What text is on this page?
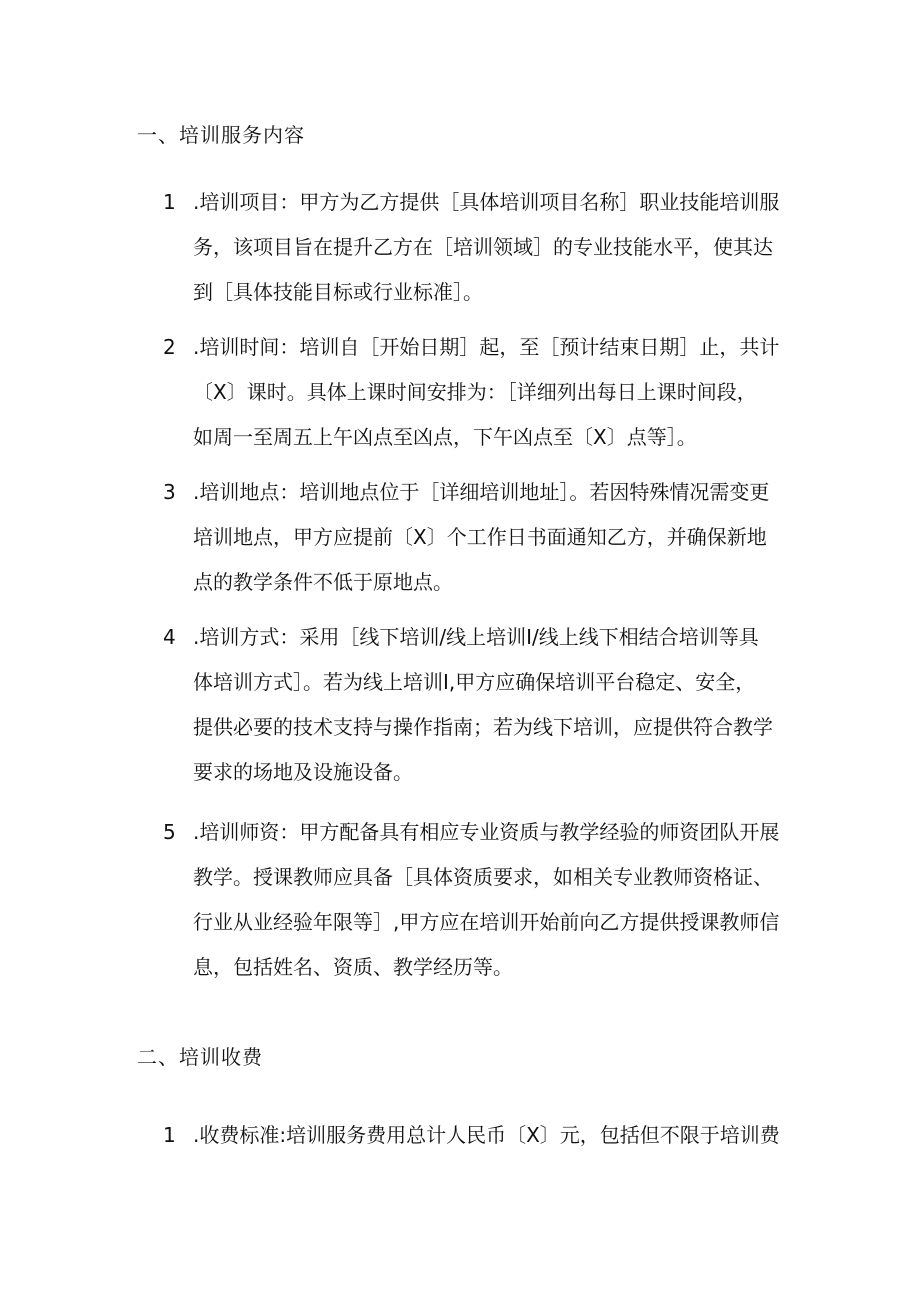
一、培训服务内容
1 .培训项目：甲方为乙方提供［具体培训项目名称］职业技能培训服
务，该项目旨在提升乙方在［培训领域］的专业技能水平，使其达
到［具体技能目标或行业标准］。
2 .培训时间：培训自［开始日期］起，至［预计结束日期］止，共计
〔X〕课时。具体上课时间安排为：［详细列出每日上课时间段，
如周一至周五上午凶点至凶点，下午凶点至〔X〕点等］。
3 .培训地点：培训地点位于［详细培训地址］。若因特殊情况需变更
培训地点，甲方应提前〔X〕个工作日书面通知乙方，并确保新地
点的教学条件不低于原地点。
4 .培训方式：采用［线下培训/线上培训I/线上线下相结合培训等具
体培训方式］。若为线上培训I,甲方应确保培训平台稳定、安全，
提供必要的技术支持与操作指南；若为线下培训，应提供符合教学
要求的场地及设施设备。
5 .培训师资：甲方配备具有相应专业资质与教学经验的师资团队开展
教学。授课教师应具备［具体资质要求，如相关专业教师资格证、
行业从业经验年限等］,甲方应在培训开始前向乙方提供授课教师信
息，包括姓名、资质、教学经历等。
二、培训收费
1 .收费标准:培训服务费用总计人民币〔X〕元，包括但不限于培训费
